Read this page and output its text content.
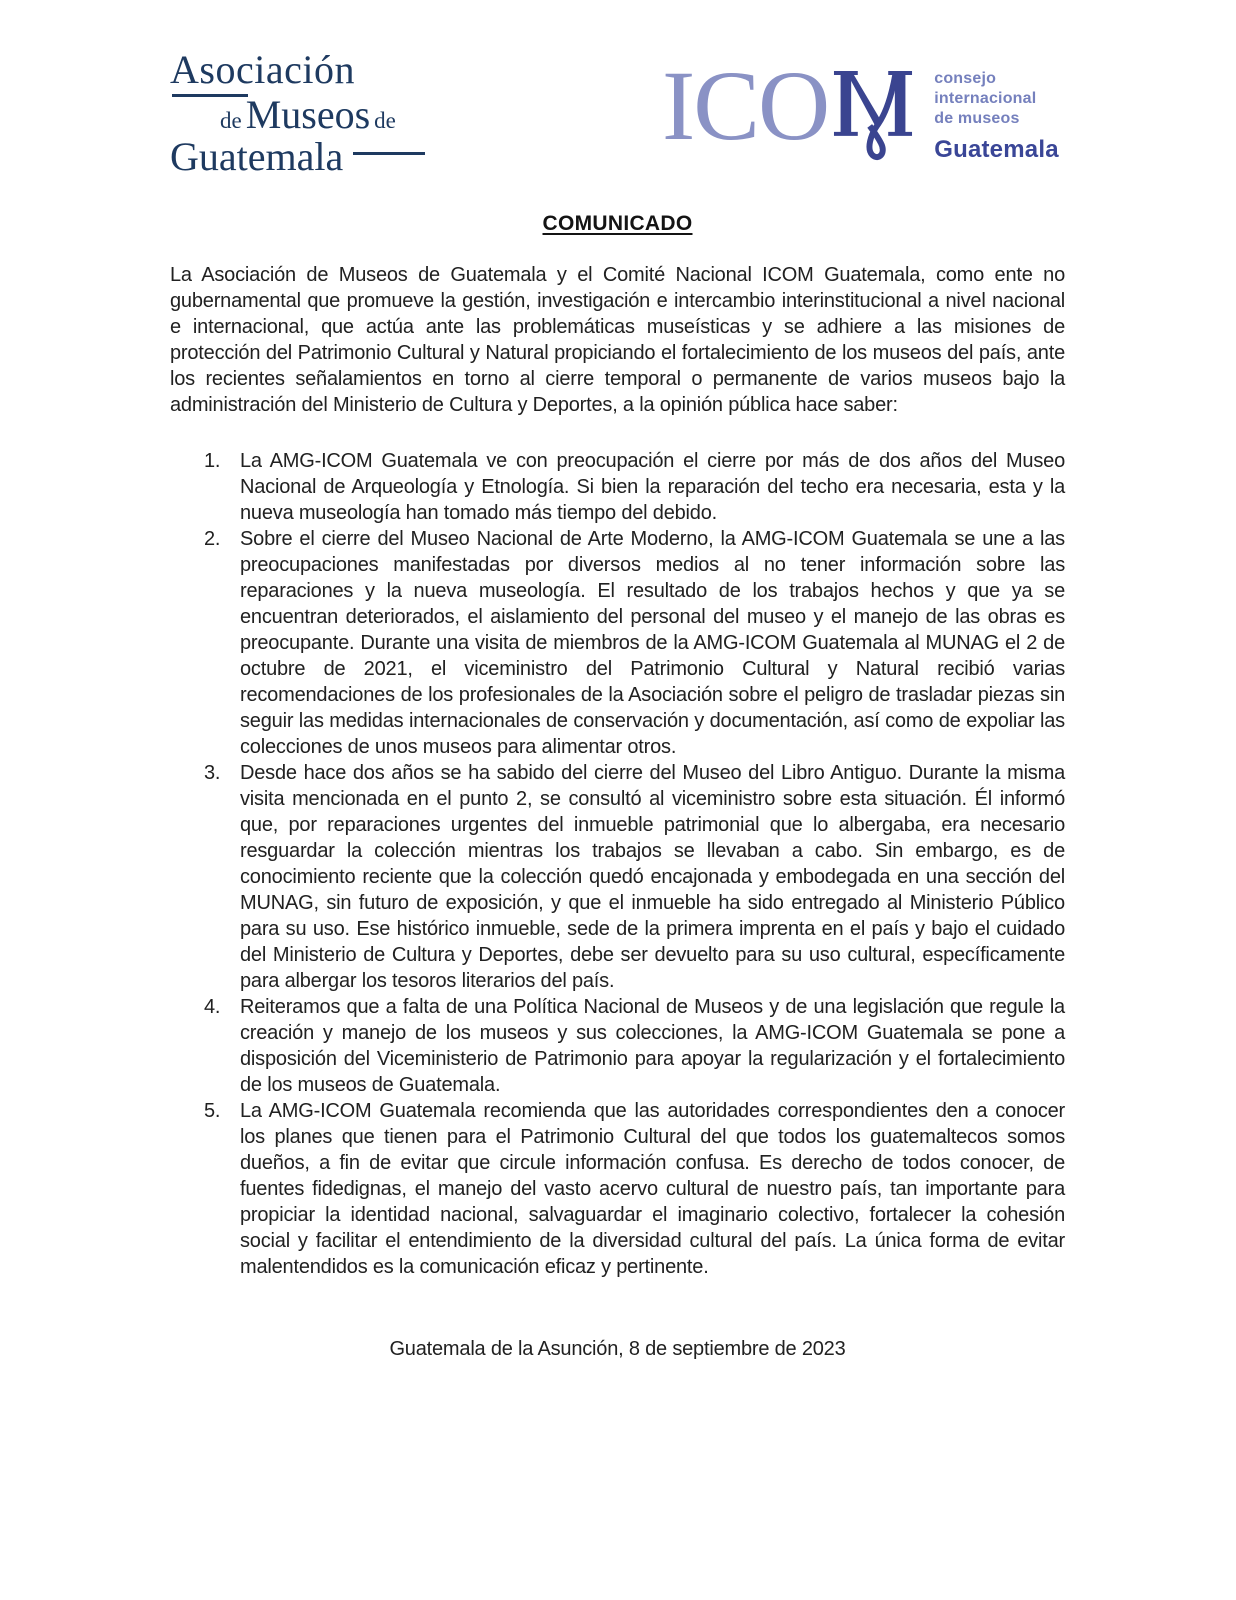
Asociación
de Museos de
Guatemala	ICO	consejo
internacional
de museos
Guatemala
COMUNICADO

La Asociación de Museos de Guatemala y el Comité Nacional ICOM Guatemala, como ente no gubernamental que promueve la gestión, investigación e intercambio interinstitucional a nivel nacional e internacional, que actúa ante las problemáticas museísticas y se adhiere a las misiones de protección del Patrimonio Cultural y Natural propiciando el fortalecimiento de los museos del país, ante los recientes señalamientos en torno al cierre temporal o permanente de varios museos bajo la administración del Ministerio de Cultura y Deportes, a la opinión pública hace saber:

1. La AMG-ICOM Guatemala ve con preocupación el cierre por más de dos años del Museo Nacional de Arqueología y Etnología. Si bien la reparación del techo era necesaria, esta y la nueva museología han tomado más tiempo del debido.
2. Sobre el cierre del Museo Nacional de Arte Moderno, la AMG-ICOM Guatemala se une a las preocupaciones manifestadas por diversos medios al no tener información sobre las reparaciones y la nueva museología. El resultado de los trabajos hechos y que ya se encuentran deteriorados, el aislamiento del personal del museo y el manejo de las obras es preocupante. Durante una visita de miembros de la AMG-ICOM Guatemala al MUNAG el 2 de octubre de 2021, el viceministro del Patrimonio Cultural y Natural recibió varias recomendaciones de los profesionales de la Asociación sobre el peligro de trasladar piezas sin seguir las medidas internacionales de conservación y documentación, así como de expoliar las colecciones de unos museos para alimentar otros.
3. Desde hace dos años se ha sabido del cierre del Museo del Libro Antiguo. Durante la misma visita mencionada en el punto 2, se consultó al viceministro sobre esta situación. Él informó que, por reparaciones urgentes del inmueble patrimonial que lo albergaba, era necesario resguardar la colección mientras los trabajos se llevaban a cabo. Sin embargo, es de conocimiento reciente que la colección quedó encajonada y embodegada en una sección del MUNAG, sin futuro de exposición, y que el inmueble ha sido entregado al Ministerio Público para su uso. Ese histórico inmueble, sede de la primera imprenta en el país y bajo el cuidado del Ministerio de Cultura y Deportes, debe ser devuelto para su uso cultural, específicamente para albergar los tesoros literarios del país.
4. Reiteramos que a falta de una Política Nacional de Museos y de una legislación que regule la creación y manejo de los museos y sus colecciones, la AMG-ICOM Guatemala se pone a disposición del Viceministerio de Patrimonio para apoyar la regularización y el fortalecimiento de los museos de Guatemala.
5. La AMG-ICOM Guatemala recomienda que las autoridades correspondientes den a conocer los planes que tienen para el Patrimonio Cultural del que todos los guatemaltecos somos dueños, a fin de evitar que circule información confusa. Es derecho de todos conocer, de fuentes fidedignas, el manejo del vasto acervo cultural de nuestro país, tan importante para propiciar la identidad nacional, salvaguardar el imaginario colectivo, fortalecer la cohesión social y facilitar el entendimiento de la diversidad cultural del país. La única forma de evitar malentendidos es la comunicación eficaz y pertinente.
Guatemala de la Asunción, 8 de septiembre de 2023
